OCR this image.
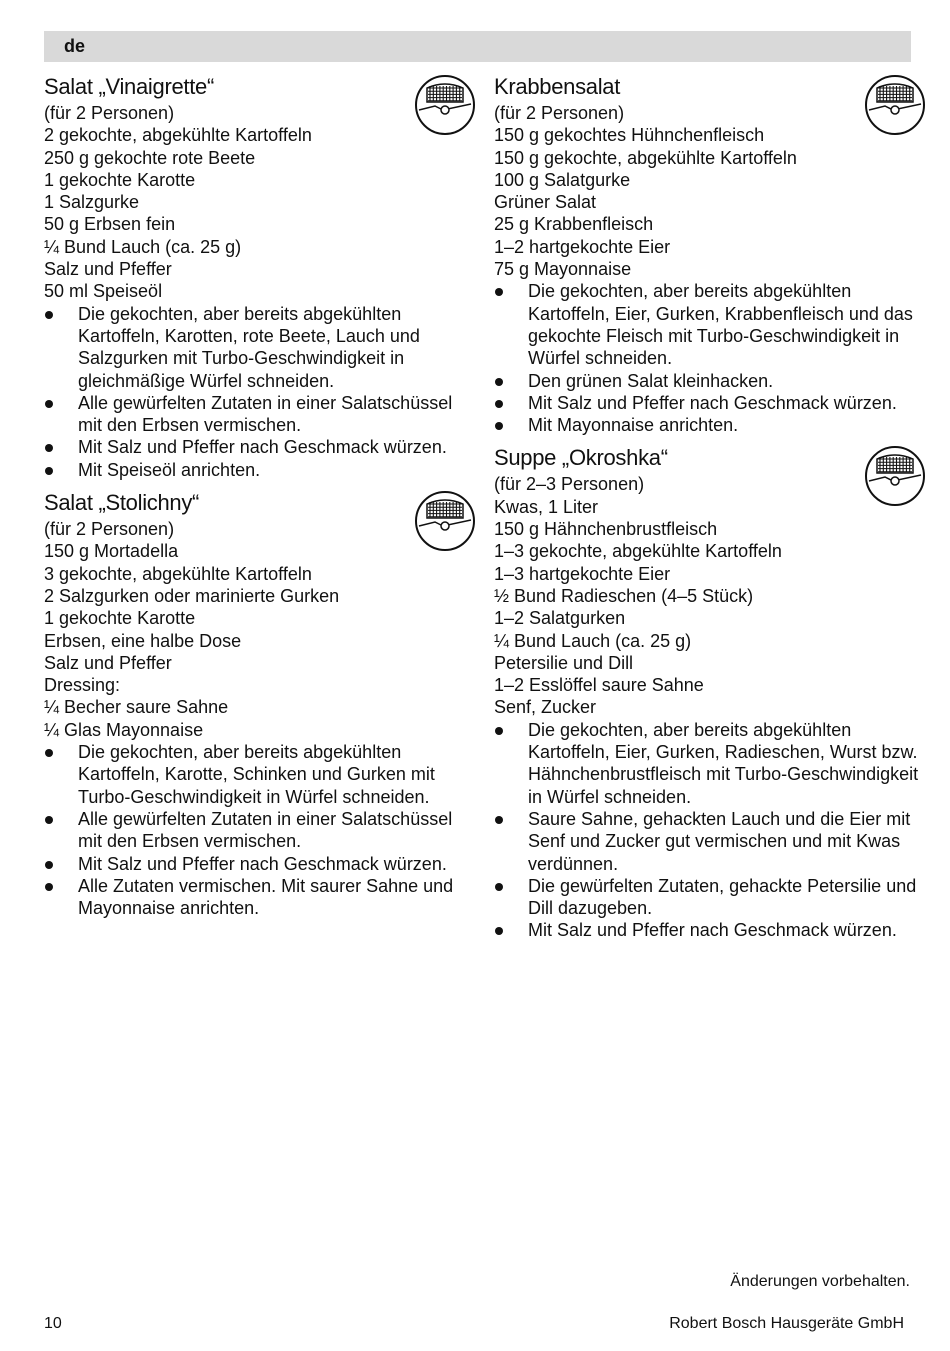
de
Salat „Vinaigrette“
(für 2 Personen)
2 gekochte, abgekühlte Kartoffeln
250 g gekochte rote Beete
1 gekochte Karotte
1 Salzgurke
50 g Erbsen fein
¼ Bund Lauch (ca. 25 g)
Salz und Pfeffer
50 ml Speiseöl
Die gekochten, aber bereits abgekühlten Kartoffeln, Karotten, rote Beete, Lauch und Salzgurken mit Turbo-Geschwindigkeit in gleichmäßige Würfel schneiden.
Alle gewürfelten Zutaten in einer Salatschüssel mit den Erbsen vermischen.
Mit Salz und Pfeffer nach Geschmack würzen.
Mit Speiseöl anrichten.
Salat „Stolichny“
(für 2 Personen)
150 g Mortadella
3 gekochte, abgekühlte Kartoffeln
2 Salzgurken oder marinierte Gurken
1 gekochte Karotte
Erbsen, eine halbe Dose
Salz und Pfeffer
Dressing:
¼ Becher saure Sahne
¼ Glas Mayonnaise
Die gekochten, aber bereits abgekühlten Kartoffeln, Karotte, Schinken und Gurken mit Turbo-Geschwindigkeit in Würfel schneiden.
Alle gewürfelten Zutaten in einer Salatschüssel mit den Erbsen vermischen.
Mit Salz und Pfeffer nach Geschmack würzen.
Alle Zutaten vermischen. Mit saurer Sahne und Mayonnaise anrichten.
Krabbensalat
(für 2 Personen)
150 g gekochtes Hühnchenfleisch
150 g gekochte, abgekühlte Kartoffeln
100 g Salatgurke
Grüner Salat
25 g Krabbenfleisch
1–2 hartgekochte Eier
75 g Mayonnaise
Die gekochten, aber bereits abgekühlten Kartoffeln, Eier, Gurken, Krabbenfleisch und das gekochte Fleisch mit Turbo-Geschwindigkeit in Würfel schneiden.
Den grünen Salat kleinhacken.
Mit Salz und Pfeffer nach Geschmack würzen.
Mit Mayonnaise anrichten.
Suppe „Okroshka“
(für 2–3 Personen)
Kwas, 1 Liter
150 g Hähnchenbrustfleisch
1–3 gekochte, abgekühlte Kartoffeln
1–3 hartgekochte Eier
½ Bund Radieschen (4–5 Stück)
1–2 Salatgurken
¼ Bund Lauch (ca. 25 g)
Petersilie und Dill
1–2 Esslöffel saure Sahne
Senf, Zucker
Die gekochten, aber bereits abgekühlten Kartoffeln, Eier, Gurken, Radieschen, Wurst bzw. Hähnchenbrustfleisch mit Turbo-Geschwindigkeit in Würfel schneiden.
Saure Sahne, gehackten Lauch und die Eier mit Senf und Zucker gut vermischen und mit Kwas verdünnen.
Die gewürfelten Zutaten, gehackte Petersilie und Dill dazugeben.
Mit Salz und Pfeffer nach Geschmack würzen.
Änderungen vorbehalten.
10	Robert Bosch Hausgeräte GmbH
